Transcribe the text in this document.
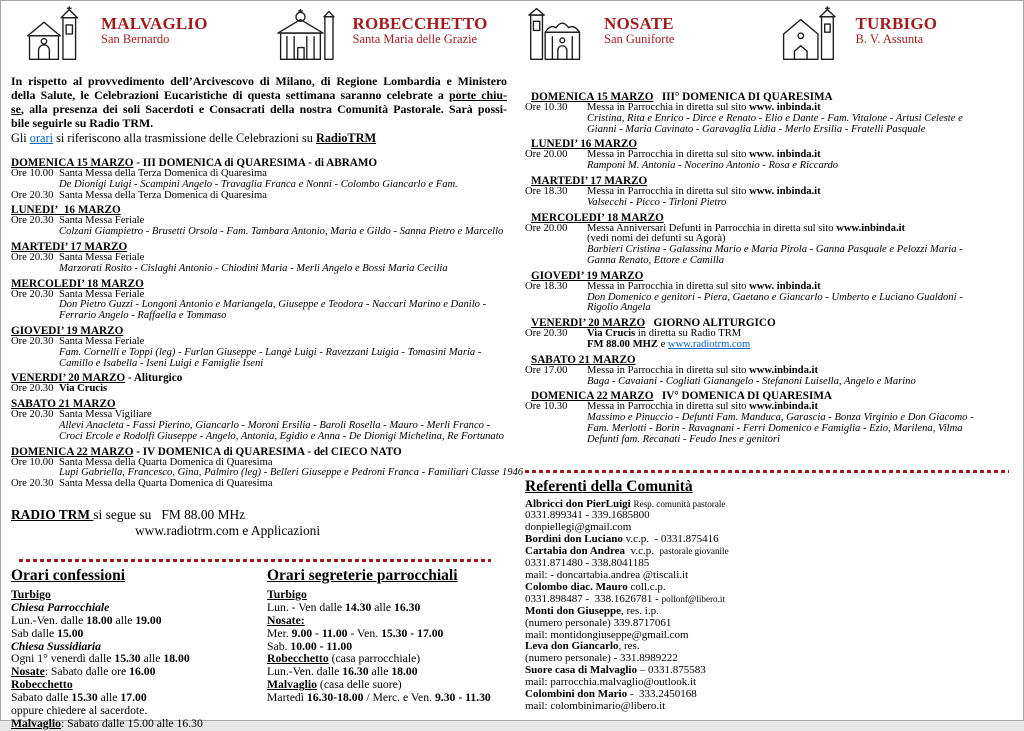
MALVAGLIO
San Bernardo
ROBECCHETTO
Santa Maria delle Grazie
NOSATE
San Guniforte
TURBIGO
B. V. Assunta
In rispetto al provvedimento dell’Arcivescovo di Milano, di Regione Lombardia e Ministero
della Salute, le Celebrazioni Eucaristiche di questa settimana saranno celebrate a porte chiu-
se, alla presenza dei soli Sacerdoti e Consacrati della nostra Comunità Pastorale. Sarà possi-
bile seguirle su Radio TRM.
Gli orari si riferiscono alla trasmissione delle Celebrazioni su RadioTRM
DOMENICA 15 MARZO - III DOMENICA di QUARESIMA - di ABRAMO
Ore 10.00 Santa Messa della Terza Domenica di Quaresima
De Dionigi Luigi - Scampini Angelo - Travaglia Franca e Nonni - Colombo Giancarlo e Fam.
Ore 20.30 Santa Messa della Terza Domenica di Quaresima
LUNEDI’  16 MARZO
Ore 20.30 Santa Messa Feriale
Colzani Giampietro - Brusetti Orsola - Fam. Tambara Antonio, Maria e Gildo - Sanna Pietro e Marcello
MARTEDI’ 17 MARZO
Ore 20.30 Santa Messa Feriale
Marzorati Rosito - Cislaghi Antonio - Chiodini Maria - Merli Angelo e Bossi Maria Cecilia
MERCOLEDI’ 18 MARZO
Ore 20.30 Santa Messa Feriale
Don Pietro Guzzi - Longoni Antonio e Mariangela, Giuseppe e Teodora - Naccari Marino e Danilo -
Ferrario Angelo - Raffaella e Tommaso
GIOVEDI’ 19 MARZO
Ore 20.30 Santa Messa Feriale
Fam. Cornelli e Toppi (leg) - Furlan Giuseppe - Langè Luigi - Ravezzani Luigia - Tomasini Maria -
Camillo e Isabella - Iseni Luigi e Famiglie Iseni
VENERDI’ 20 MARZO - Aliturgico
Ore 20.30 Via Crucis
SABATO 21 MARZO
Ore 20.30 Santa Messa Vigiliare
Allevi Anacleta - Fassi Pierino, Giancarlo - Moroni Ersilia - Baroli Rosella - Mauro - Merli Franco -
Croci Ercole e Rodolfi Giuseppe - Angelo, Antonia, Egidio e Anna - De Dionigi Michelina, Re Fortunato
DOMENICA 22 MARZO - IV DOMENICA di QUARESIMA - del CIECO NATO
Ore 10.00 Santa Messa della Quarta Domenica di Quaresima
Lupi Gabriella, Francesco, Gina, Palmiro (leg) - Belleri Giuseppe e Pedroni Franca - Familiari Classe 1946
Ore 20.30 Santa Messa della Quarta Domenica di Quaresima
RADIO TRM si segue su   FM 88.00 MHz
www.radiotrm.com e Applicazioni
Orari confessioni
Turbigo
Chiesa Parrocchiale
Lun.-Ven. dalle 18.00 alle 19.00
Sab dalle 15.00
Chiesa Sussidiaria
Ogni 1° venerdì dalle 15.30 alle 18.00
Nosate: Sabato dalle ore 16.00
Robecchetto
Sabato dalle 15.30 alle 17.00
oppure chiedere al sacerdote.
Malvaglio: Sabato dalle 15.00 alle 16.30
Orari segreterie parrocchiali
Turbigo
Lun. - Ven dalle 14.30 alle 16.30
Nosate:
Mer. 9.00 - 11.00 - Ven. 15.30 - 17.00
Sab. 10.00 - 11.00
Robecchetto (casa parrocchiale)
Lun.-Ven. dalle 16.30 alle 18.00
Malvaglio (casa delle suore)
Martedì 16.30-18.00 / Merc. e Ven. 9.30 - 11.30
DOMENICA 15 MARZO   III° DOMENICA DI QUARESIMA
Ore 10.30	Messa in Parrocchia in diretta sul sito www. inbinda.it
Cristina, Rita e Enrico - Dirce e Renato - Elio e Dante - Fam. Vitalone - Artusi Celeste e
Gianni - Maria Cavinato - Garavaglia Lidia - Merlo Ersilia - Fratelli Pasquale
LUNEDI’ 16 MARZO
Ore 20.00	Messa in Parrocchia in diretta sul sito www. inbinda.it
Ramponi M. Antonia - Nocerino Antonio - Rosa e Riccardo
MARTEDI’ 17 MARZO
Ore 18.30	Messa in Parrocchia in diretta sul sito www. inbinda.it
Valsecchi - Picco - Tirloni Pietro
MERCOLEDI’ 18 MARZO
Ore 20.00	Messa Anniversari Defunti in Parrocchia in diretta sul sito www.inbinda.it
(vedi nomi dei defunti su Agorà)
Barbieri Cristina - Galassina Mario e Maria Pirola - Ganna Pasquale e Pelozzi Maria -
Ganna Renato, Ettore e Camilla
GIOVEDI’ 19 MARZO
Ore 18.30	Messa in Parrocchia in diretta sul sito www. inbinda.it
Don Domenico e genitori - Piera, Gaetano e Giancarlo - Umberto e Luciano Gualdoni -
Rigolio Angela
VENERDI’ 20 MARZO   GIORNO ALITURGICO
Ore 20.30	Via Crucis in diretta su Radio TRM
FM 88.00 MHZ e www.radiotrm.com
SABATO 21 MARZO
Ore 17.00	Messa in Parrocchia in diretta sul sito www.inbinda.it
Baga - Cavaiani - Cogliati Gianangelo - Stefanoni Luisella, Angelo e Marino
DOMENICA 22 MARZO   IV° DOMENICA DI QUARESIMA
Ore 10.30	Messa in Parrocchia in diretta sul sito www.inbinda.it
Massimo e Pinuccio - Defunti Fam. Manduca, Garascia - Bonza Virginio e Don Giacomo -
Fam. Merlotti - Borin - Ravagnani - Ferri Domenico e Famiglia - Ezio, Marilena, Vilma
Defunti fam. Recanati - Feudo Ines e genitori
Referenti della Comunità
Albricci don PierLuigi Resp. comunità pastorale
0331.899341 - 339.1685800
donpiellegi@gmail.com
Bordini don Luciano v.c.p.  - 0331.875416
Cartabia don Andrea  v.c.p.  pastorale giovanile
0331.871480 - 338.8041185
mail: - doncartabia.andrea @tiscali.it
Colombo diac. Mauro coll.c.p.
0331.898487 -  338.1626781 - pollonf@libero.it
Monti don Giuseppe, res. i.p.
(numero personale) 339.8717061
mail: montidongiuseppe@gmail.com
Leva don Giancarlo, res.
(numero personale) - 331.8989222
Suore casa di Malvaglio – 0331.875583
mail: parrocchia.malvaglio@outlook.it
Colombini don Mario -  333.2450168
mail: colombinimario@libero.it
